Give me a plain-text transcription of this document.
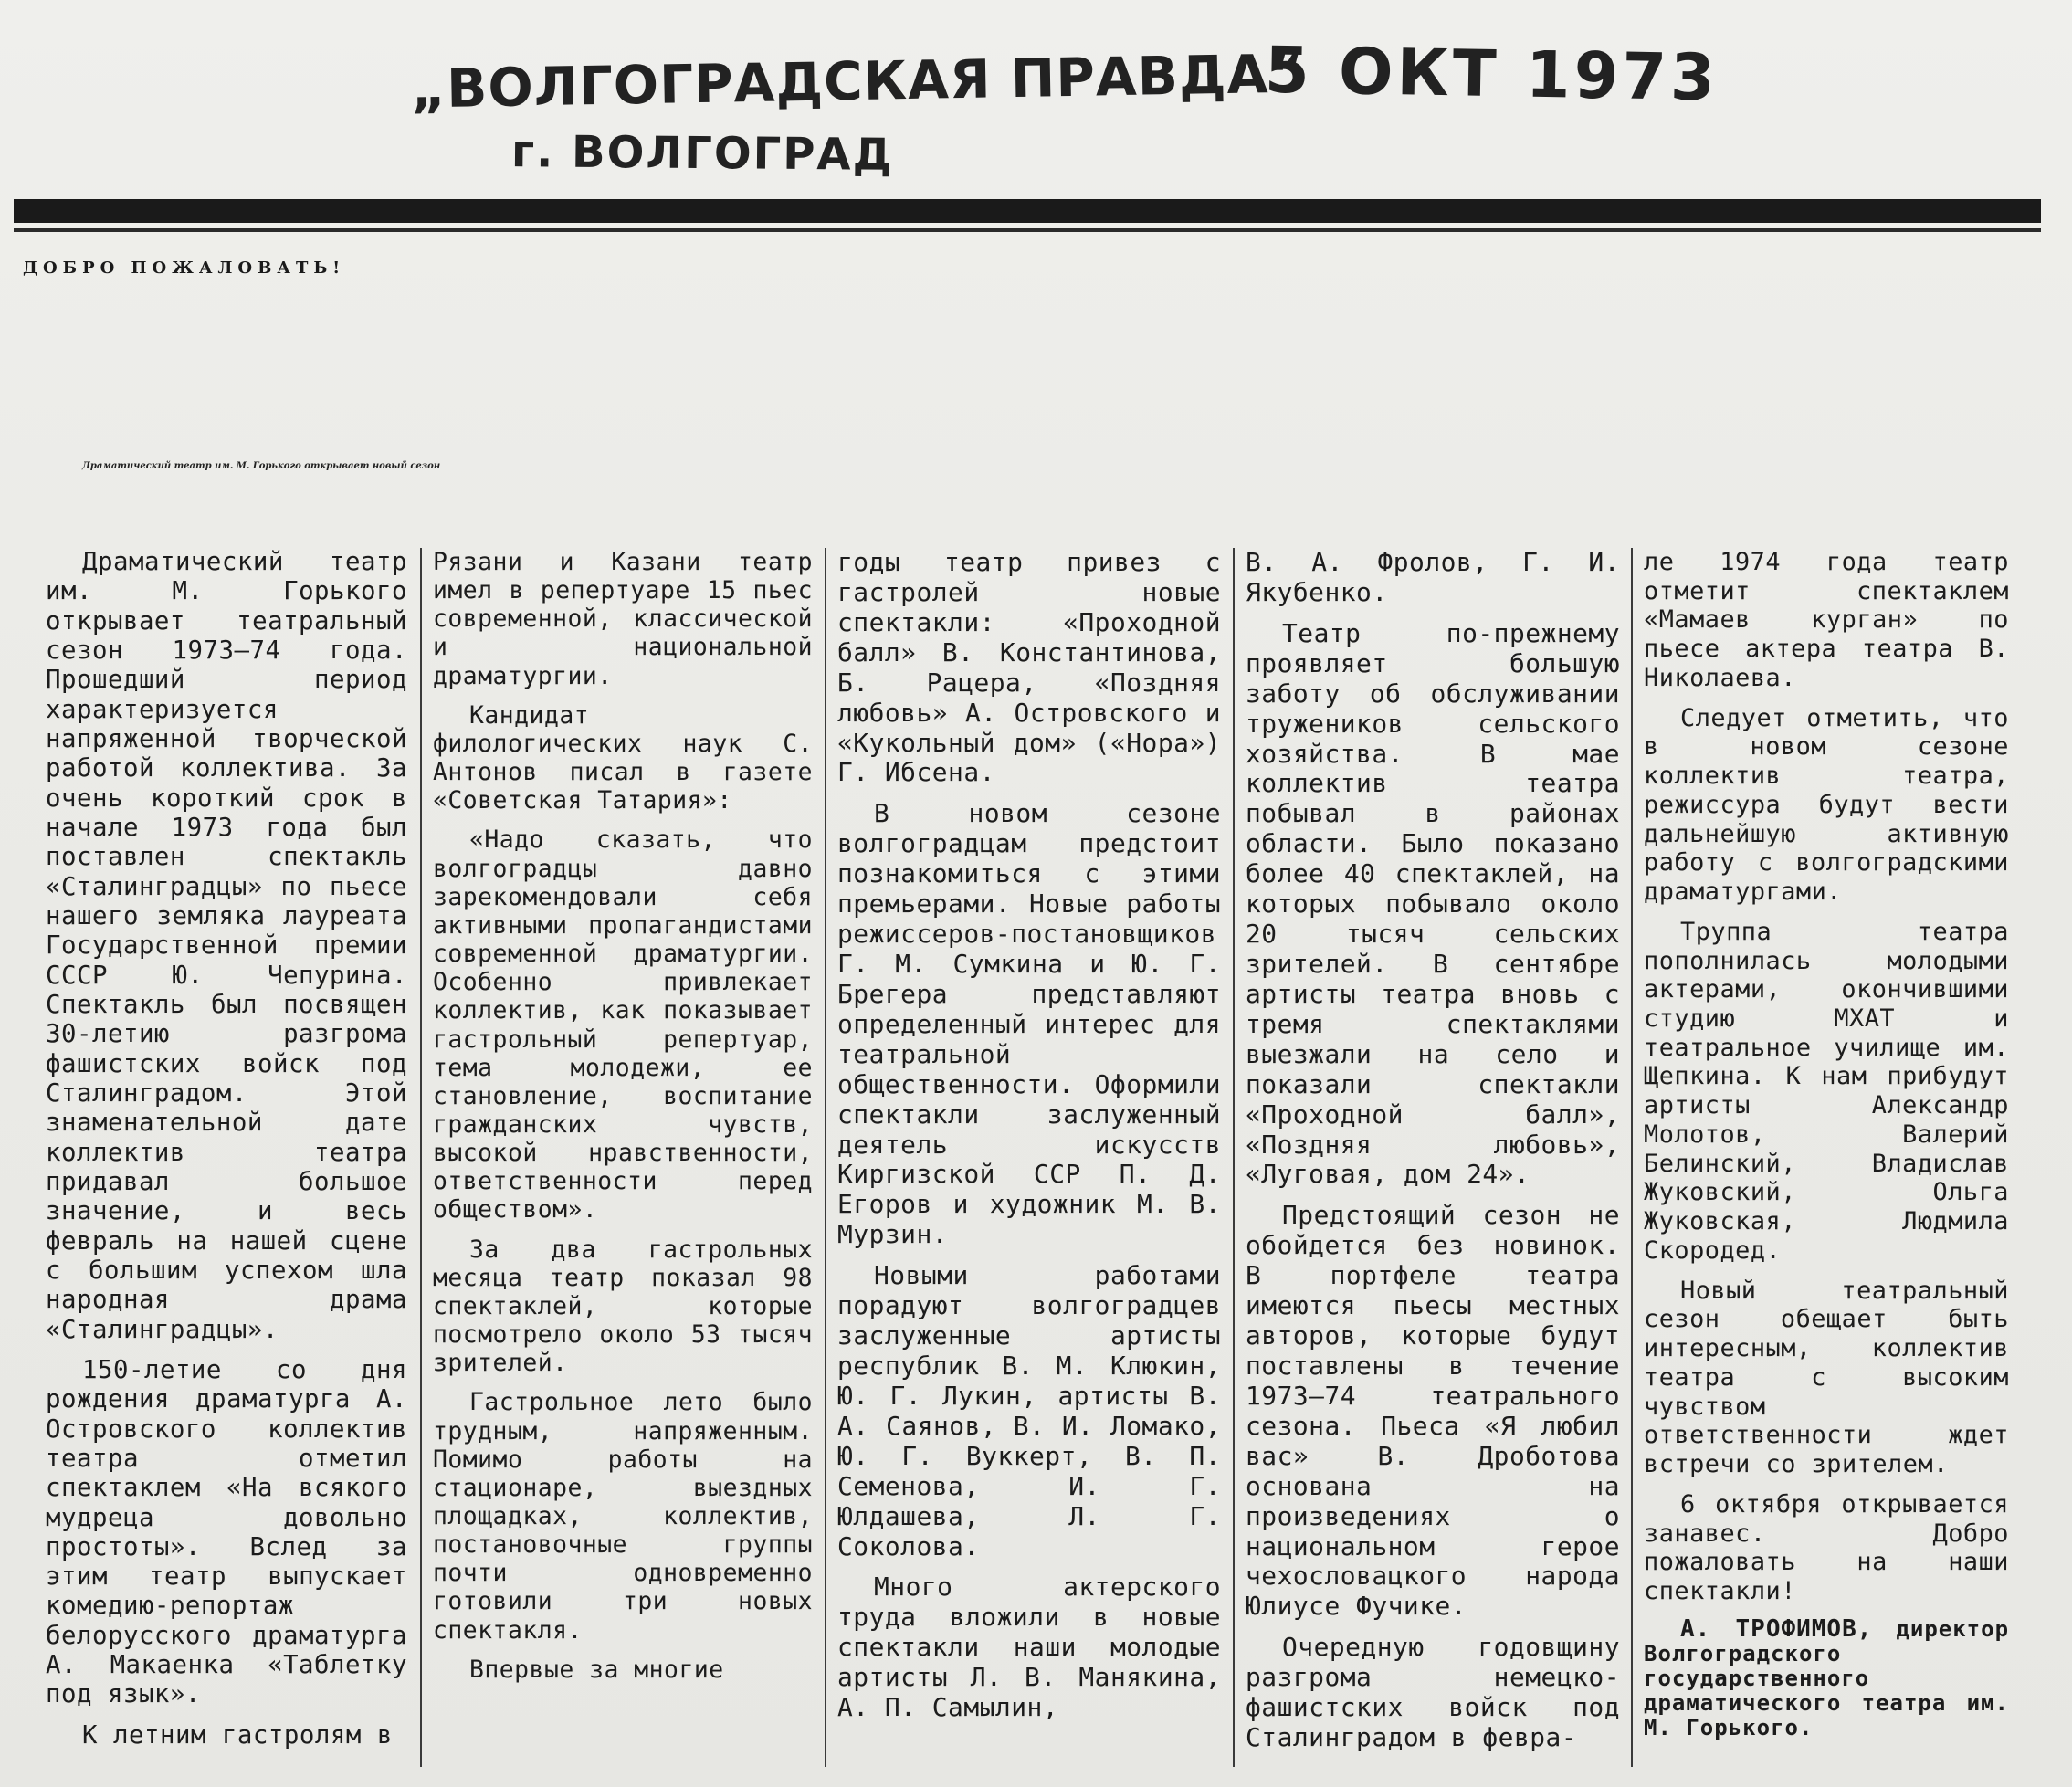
„ВОЛГОГРАДСКАЯ ПРАВДА“
г. ВОЛГОГРАД
5 ОКТ 1973
ДОБРО ПОЖАЛОВАТЬ!
Драматический театр им. М. Горького открывает новый сезон

Драматический театр им. М. Горького открывает театральный сезон 1973—74 года. Прошедший период характеризуется напряженной творческой работой коллектива. За очень короткий срок в начале 1973 года был поставлен спектакль «Сталинградцы» по пьесе нашего земляка лауреата Государственной премии СССР Ю. Чепурина. Спектакль был посвящен 30-летию разгрома фашистских войск под Сталинградом. Этой знаменательной дате коллектив театра придавал большое значение, и весь февраль на нашей сцене с большим успехом шла народная драма «Сталинградцы».

150-летие со дня рождения драматурга А. Островского коллектив театра отметил спектаклем «На всякого мудреца довольно простоты». Вслед за этим театр выпускает комедию-репортаж белорусского драматурга А. Макаенка «Таблетку под язык».

К летним гастролям в

Рязани и Казани театр имел в репертуаре 15 пьес современной, классической и национальной драматургии.

Кандидат филологических наук С. Антонов писал в газете «Советская Татария»:

«Надо сказать, что волгоградцы давно зарекомендовали себя активными пропагандистами современной драматургии. Особенно привлекает коллектив, как показывает гастрольный репертуар, тема молодежи, ее становление, воспитание гражданских чувств, высокой нравственности, ответственности перед обществом».

За два гастрольных месяца театр показал 98 спектаклей, которые посмотрело около 53 тысяч зрителей.

Гастрольное лето было трудным, напряженным. Помимо работы на стационаре, выездных площадках, коллектив, постановочные группы почти одновременно готовили три новых спектакля.

Впервые за многие

годы театр привез с гастролей новые спектакли: «Проходной балл» В. Константинова, Б. Рацера, «Поздняя любовь» А. Островского и «Кукольный дом» («Нора») Г. Ибсена.

В новом сезоне волгоградцам предстоит познакомиться с этими премьерами. Новые работы режиссеров-постановщиков Г. М. Сумкина и Ю. Г. Брегера представляют определенный интерес для театральной общественности. Оформили спектакли заслуженный деятель искусств Киргизской ССР П. Д. Егоров и художник М. В. Мурзин.

Новыми работами порадуют волгоградцев заслуженные артисты республик В. М. Клюкин, Ю. Г. Лукин, артисты В. А. Саянов, В. И. Ломако, Ю. Г. Вуккерт, В. П. Семенова, И. Г. Юлдашева, Л. Г. Соколова.

Много актерского труда вложили в новые спектакли наши молодые артисты Л. В. Манякина, А. П. Самылин,

В. А. Фролов, Г. И. Якубенко.

Театр по-прежнему проявляет большую заботу об обслуживании тружеников сельского хозяйства. В мае коллектив театра побывал в районах области. Было показано более 40 спектаклей, на которых побывало около 20 тысяч сельских зрителей. В сентябре артисты театра вновь с тремя спектаклями выезжали на село и показали спектакли «Проходной балл», «Поздняя любовь», «Луговая, дом 24».

Предстоящий сезон не обойдется без новинок. В портфеле театра имеются пьесы местных авторов, которые будут поставлены в течение 1973—74 театрального сезона. Пьеса «Я любил вас» В. Дроботова основана на произведениях о национальном герое чехословацкого народа Юлиусе Фучике.

Очередную годовщину разгрома немецко-фашистских войск под Сталинградом в февра-

ле 1974 года театр отметит спектаклем «Мамаев курган» по пьесе актера театра В. Николаева.

Следует отметить, что в новом сезоне коллектив театра, режиссура будут вести дальнейшую активную работу с волгоградскими драматургами.

Труппа театра пополнилась молодыми актерами, окончившими студию МХАТ и театральное училище им. Щепкина. К нам прибудут артисты Александр Молотов, Валерий Белинский, Владислав Жуковский, Ольга Жуковская, Людмила Скородед.

Новый театральный сезон обещает быть интересным, коллектив театра с высоким чувством ответственности ждет встречи со зрителем.

6 октября открывается занавес. Добро пожаловать на наши спектакли!

А. ТРОФИМОВ, директор Волгоградского государственного драматического театра им. М. Горького.
